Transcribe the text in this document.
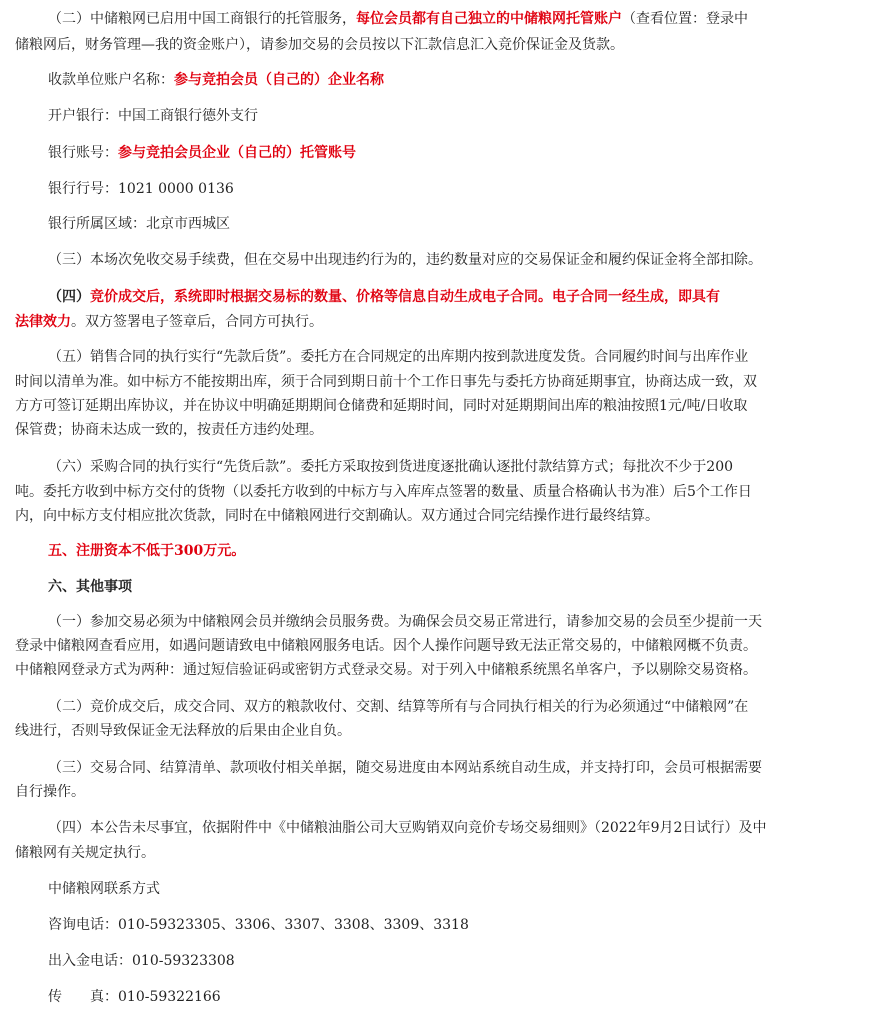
（二）中储粮网已启用中国工商银行的托管服务，每位会员都有自己独立的中储粮网托管账户（查看位置：登录中
储粮网后，财务管理—我的资金账户），请参加交易的会员按以下汇款信息汇入竞价保证金及货款。
收款单位账户名称：参与竞拍会员（自己的）企业名称
开户银行：中国工商银行德外支行
银行账号：参与竞拍会员企业（自己的）托管账号
银行行号：1021 0000 0136
银行所属区域：北京市西城区
（三）本场次免收交易手续费，但在交易中出现违约行为的，违约数量对应的交易保证金和履约保证金将全部扣除。
（四）竞价成交后，系统即时根据交易标的数量、价格等信息自动生成电子合同。电子合同一经生成，即具有
法律效力。双方签署电子签章后，合同方可执行。
（五）销售合同的执行实行“先款后货”。委托方在合同规定的出库期内按到款进度发货。合同履约时间与出库作业
时间以清单为准。如中标方不能按期出库，须于合同到期日前十个工作日事先与委托方协商延期事宜，协商达成一致，双
方方可签订延期出库协议，并在协议中明确延期期间仓储费和延期时间，同时对延期期间出库的粮油按照1元/吨/日收取
保管费；协商未达成一致的，按责任方违约处理。
（六）采购合同的执行实行“先货后款”。委托方采取按到货进度逐批确认逐批付款结算方式；每批次不少于200
吨。委托方收到中标方交付的货物（以委托方收到的中标方与入库库点签署的数量、质量合格确认书为准）后5个工作日
内，向中标方支付相应批次货款，同时在中储粮网进行交割确认。双方通过合同完结操作进行最终结算。
五、注册资本不低于300万元。
六、其他事项
（一）参加交易必须为中储粮网会员并缴纳会员服务费。为确保会员交易正常进行，请参加交易的会员至少提前一天
登录中储粮网查看应用，如遇问题请致电中储粮网服务电话。因个人操作问题导致无法正常交易的，中储粮网概不负责。
中储粮网登录方式为两种：通过短信验证码或密钥方式登录交易。对于列入中储粮系统黑名单客户，予以剔除交易资格。
（二）竞价成交后，成交合同、双方的粮款收付、交割、结算等所有与合同执行相关的行为必须通过“中储粮网”在
线进行，否则导致保证金无法释放的后果由企业自负。
（三）交易合同、结算清单、款项收付相关单据，随交易进度由本网站系统自动生成，并支持打印，会员可根据需要
自行操作。
（四）本公告未尽事宜，依据附件中《中储粮油脂公司大豆购销双向竞价专场交易细则》（2022年9月2日试行）及中
储粮网有关规定执行。
中储粮网联系方式
咨询电话：010-59323305、3306、3307、3308、3309、3318
出入金电话：010-59323308
传　　真：010-59322166
